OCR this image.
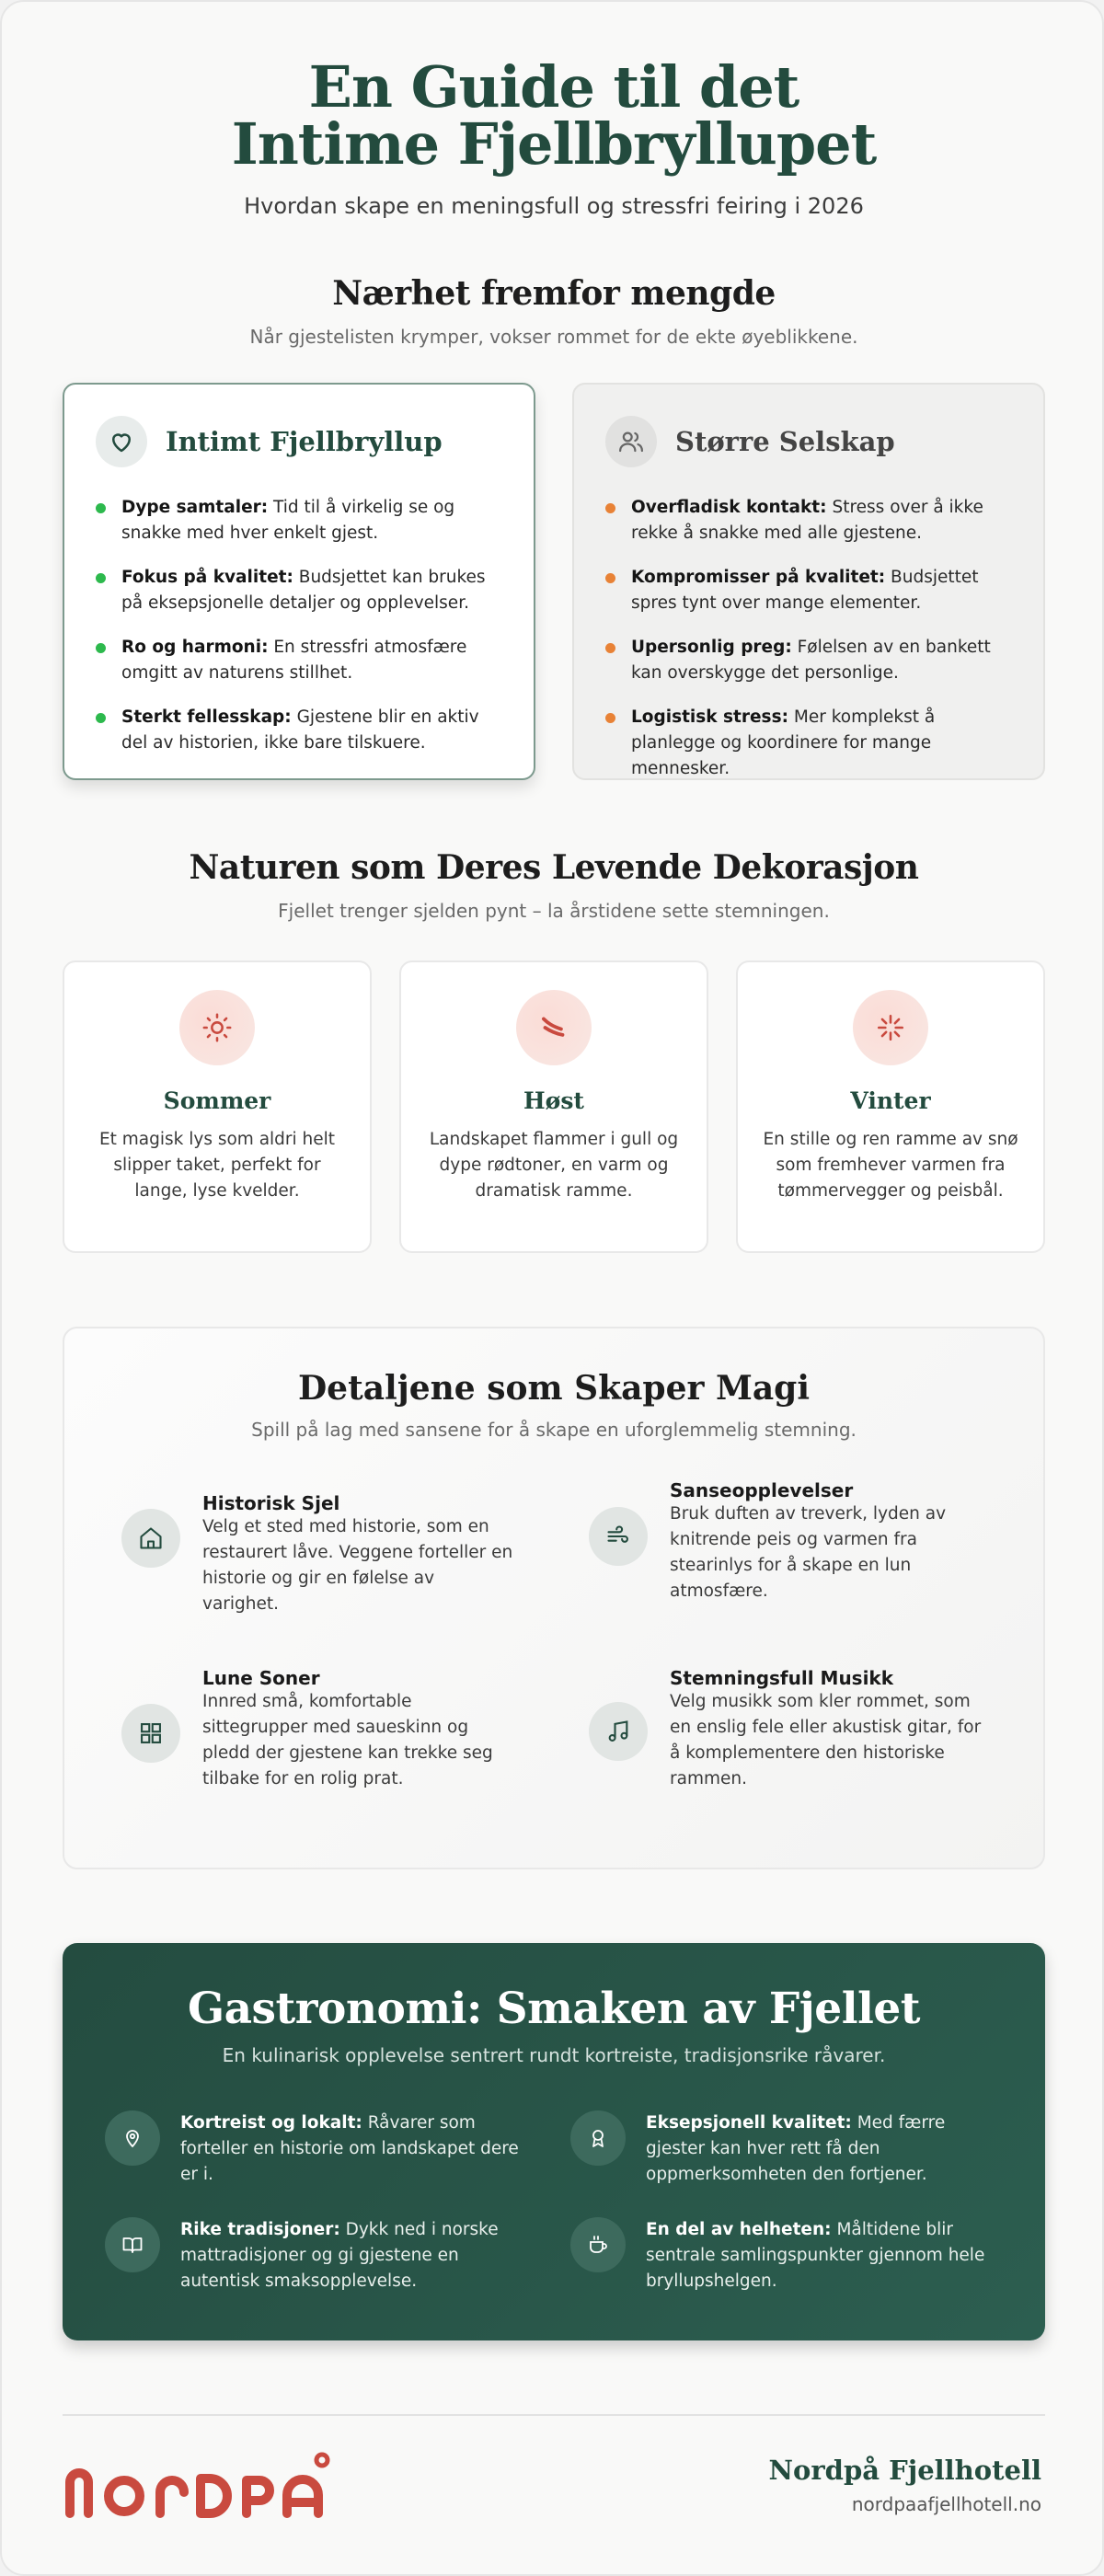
En Guide til det Intime Fjellbryllupet
Hvordan skape en meningsfull og stressfri feiring i 2026
Nærhet fremfor mengde

Når gjestelisten krymper, vokser rommet for de ekte øyeblikkene.

Intimt Fjellbryllup
Dype samtaler: Tid til å virkelig se og snakke med hver enkelt gjest.
Fokus på kvalitet: Budsjettet kan brukes på eksepsjonelle detaljer og opplevelser.
Ro og harmoni: En stressfri atmosfære omgitt av naturens stillhet.
Sterkt fellesskap: Gjestene blir en aktiv del av historien, ikke bare tilskuere.
Større Selskap
Overfladisk kontakt: Stress over å ikke rekke å snakke med alle gjestene.
Kompromisser på kvalitet: Budsjettet spres tynt over mange elementer.
Upersonlig preg: Følelsen av en bankett kan overskygge det personlige.
Logistisk stress: Mer komplekst å planlegge og koordinere for mange mennesker.
Naturen som Deres Levende Dekorasjon

Fjellet trenger sjelden pynt – la årstidene sette stemningen.

Sommer

Et magisk lys som aldri helt slipper taket, perfekt for lange, lyse kvelder.

Høst

Landskapet flammer i gull og dype rødtoner, en varm og dramatisk ramme.

Vinter

En stille og ren ramme av snø som fremhever varmen fra tømmervegger og peisbål.

Detaljene som Skaper Magi

Spill på lag med sansene for å skape en uforglemmelig stemning.

Historisk Sjel

Velg et sted med historie, som en restaurert låve. Veggene forteller en historie og gir en følelse av varighet.

Sanseopplevelser

Bruk duften av treverk, lyden av knitrende peis og varmen fra stearinlys for å skape en lun atmosfære.

Lune Soner

Innred små, komfortable sittegrupper med saueskinn og pledd der gjestene kan trekke seg tilbake for en rolig prat.

Stemningsfull Musikk

Velg musikk som kler rommet, som en enslig fele eller akustisk gitar, for å komplementere den historiske rammen.

Gastronomi: Smaken av Fjellet
En kulinarisk opplevelse sentrert rundt kortreiste, tradisjonsrike råvarer.

Kortreist og lokalt: Råvarer som forteller en historie om landskapet dere er i.

Eksepsjonell kvalitet: Med færre gjester kan hver rett få den oppmerksomheten den fortjener.

Rike tradisjoner: Dykk ned i norske mattradisjoner og gi gjestene en autentisk smaksopplevelse.

En del av helheten: Måltidene blir sentrale samlingspunkter gjennom hele bryllupshelgen.

Nordpå Fjellhotell
nordpaafjellhotell.no
